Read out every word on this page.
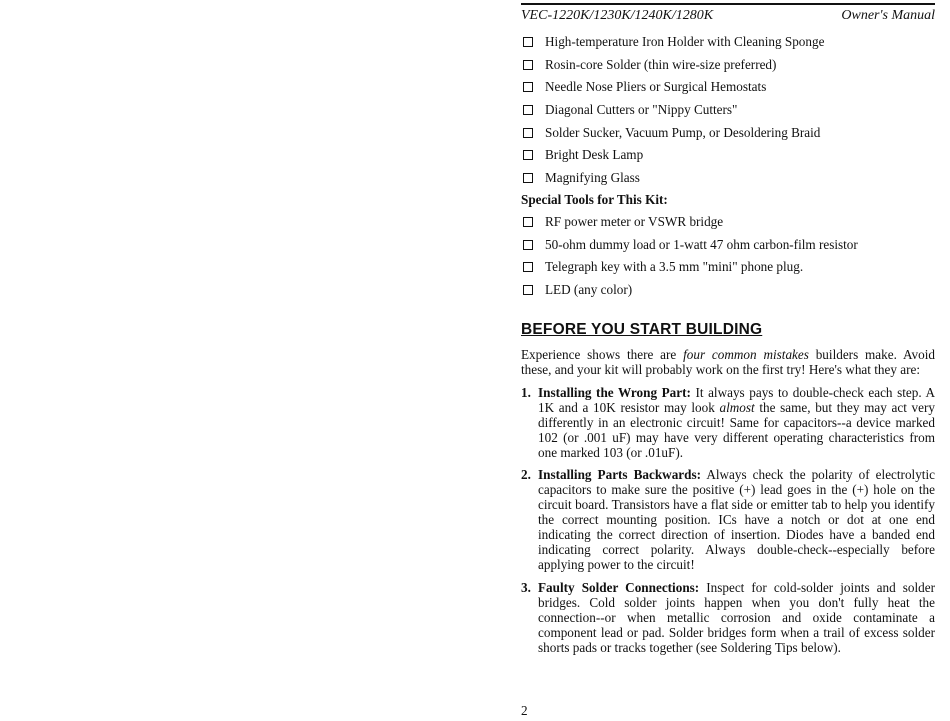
VEC-1220K/1230K/1240K/1280K	Owner's Manual
High-temperature Iron Holder with Cleaning Sponge
Rosin-core Solder (thin wire-size preferred)
Needle Nose Pliers or Surgical Hemostats
Diagonal Cutters or "Nippy Cutters"
Solder Sucker, Vacuum Pump, or Desoldering Braid
Bright Desk Lamp
Magnifying Glass
Special Tools for This Kit:
RF power meter or VSWR bridge
50-ohm dummy load or 1-watt 47 ohm carbon-film resistor
Telegraph key with a 3.5 mm "mini" phone plug.
LED (any color)
BEFORE YOU START BUILDING
Experience shows there are four common mistakes builders make. Avoid these, and your kit will probably work on the first try! Here's what they are:
1. Installing the Wrong Part: It always pays to double-check each step. A 1K and a 10K resistor may look almost the same, but they may act very differently in an electronic circuit! Same for capacitors--a device marked 102 (or .001 uF) may have very different operating characteristics from one marked 103 (or .01uF).
2. Installing Parts Backwards: Always check the polarity of electrolytic capacitors to make sure the positive (+) lead goes in the (+) hole on the circuit board. Transistors have a flat side or emitter tab to help you identify the correct mounting position. ICs have a notch or dot at one end indicating the correct direction of insertion. Diodes have a banded end indicating correct polarity. Always double-check--especially before applying power to the circuit!
3. Faulty Solder Connections: Inspect for cold-solder joints and solder bridges. Cold solder joints happen when you don't fully heat the connection--or when metallic corrosion and oxide contaminate a component lead or pad. Solder bridges form when a trail of excess solder shorts pads or tracks together (see Soldering Tips below).
2
